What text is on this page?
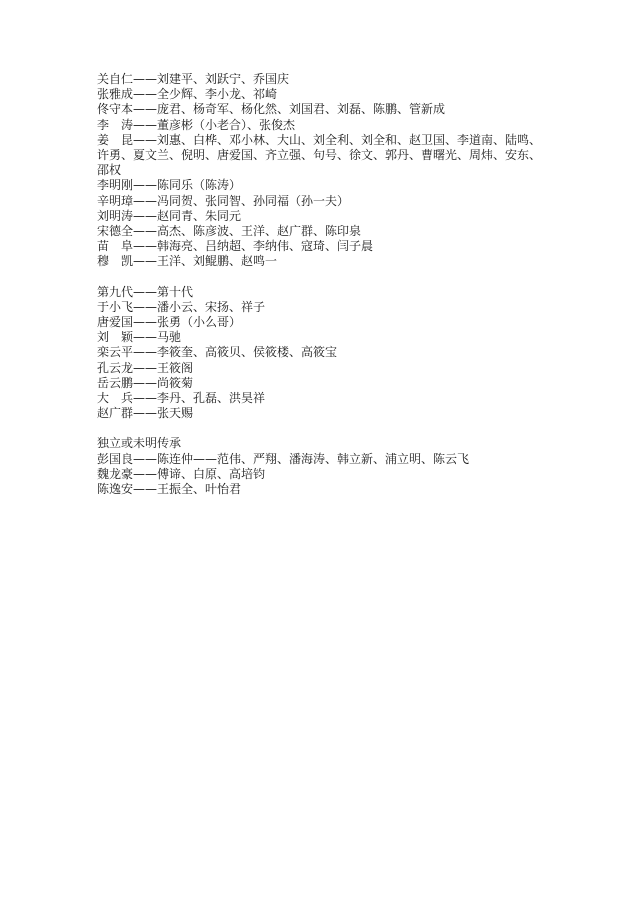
关自仁——刘建平、刘跃宁、乔国庆
张雅成——全少辉、李小龙、祁崎
佟守本——庞君、杨奇军、杨化然、刘国君、刘磊、陈鹏、管新成
李　涛——董彦彬（小老合）、张俊杰
姜　昆——刘惠、白桦、邓小林、大山、刘全利、刘全和、赵卫国、李道南、陆鸣、许勇、夏文兰、倪明、唐爱国、齐立强、句号、徐文、郭丹、曹曙光、周炜、安东、邵权
李明刚——陈同乐（陈涛）
辛明璋——冯同贺、张同智、孙同福（孙一夫）
刘明涛——赵同青、朱同元
宋德全——高杰、陈彦波、王洋、赵广群、陈印泉
苗　阜——韩海亮、吕纳超、李纳伟、寇琦、闫子晨
穆　凯——王洋、刘鲲鹏、赵鸣一
第九代——第十代
于小飞——潘小云、宋扬、祥子
唐爱国——张勇（小么哥）
刘　颖——马驰
栾云平——李筱奎、高筱贝、侯筱楼、高筱宝
孔云龙——王筱阁
岳云鹏——尚筱菊
大　兵——李丹、孔磊、洪昊祥
赵广群——张天赐
独立或未明传承
彭国良——陈连仲——范伟、严翔、潘海涛、韩立新、浦立明、陈云飞
魏龙豪——傅谛、白原、高培钧
陈逸安——王振全、叶怡君
